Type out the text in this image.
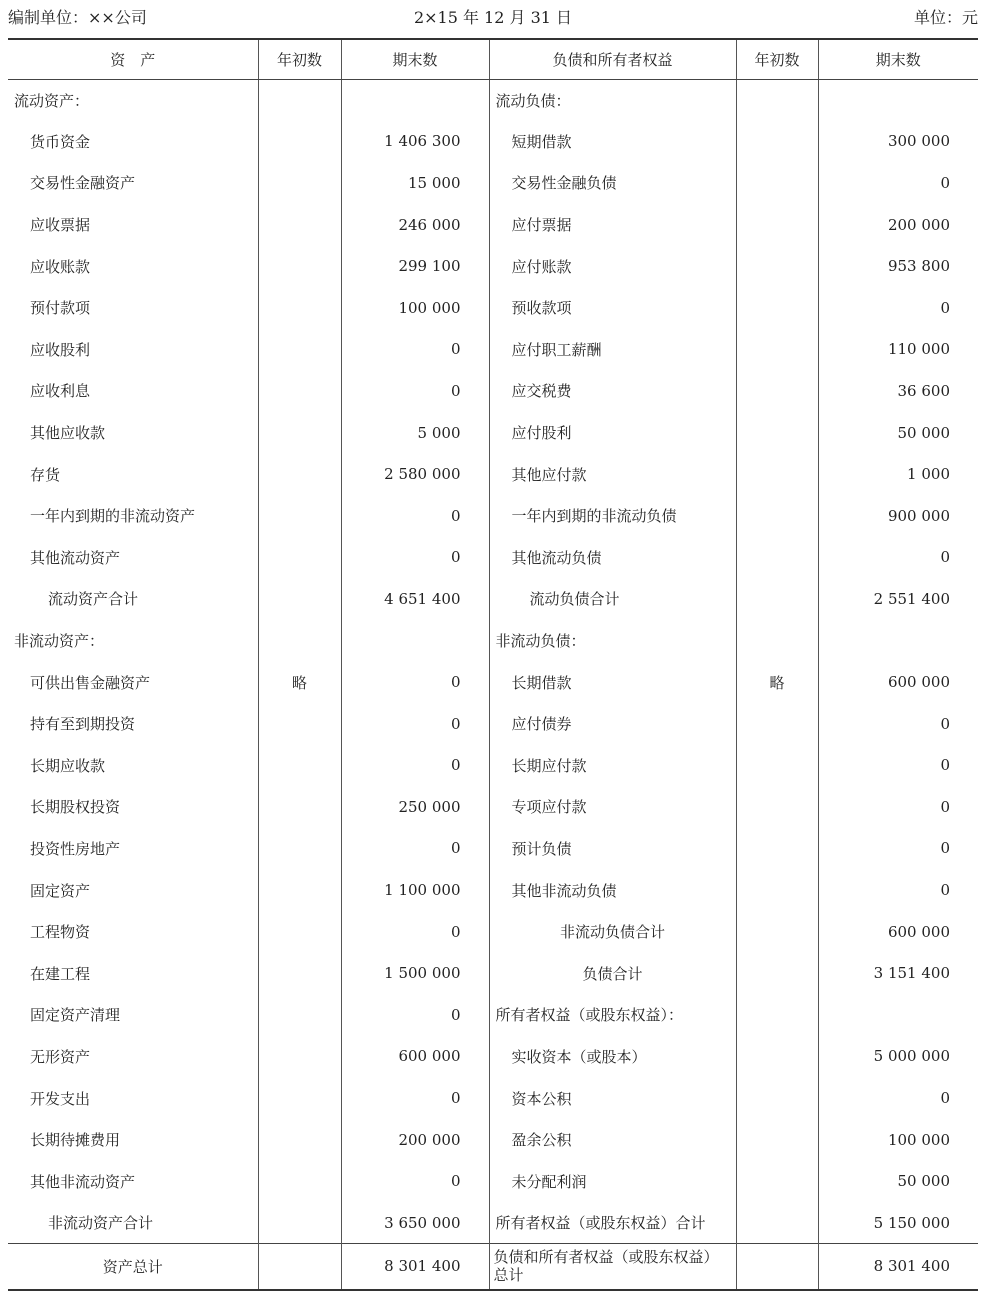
编制单位：××公司	2×15 年 12 月 31 日	单位：元
资　产	年初数	期末数	负债和所有者权益	年初数	期末数
流动资产：			流动负债：		
货币资金		1 406 300	短期借款		300 000
交易性金融资产		15 000	交易性金融负债		0
应收票据		246 000	应付票据		200 000
应收账款		299 100	应付账款		953 800
预付款项		100 000	预收款项		0
应收股利		0	应付职工薪酬		110 000
应收利息		0	应交税费		36 600
其他应收款		5 000	应付股利		50 000
存货		2 580 000	其他应付款		1 000
一年内到期的非流动资产		0	一年内到期的非流动负债		900 000
其他流动资产		0	其他流动负债		0
流动资产合计		4 651 400	流动负债合计		2 551 400
非流动资产：			非流动负债：		
可供出售金融资产	略	0	长期借款	略	600 000
持有至到期投资		0	应付债券		0
长期应收款		0	长期应付款		0
长期股权投资		250 000	专项应付款		0
投资性房地产		0	预计负债		0
固定资产		1 100 000	其他非流动负债		0
工程物资		0	非流动负债合计		600 000
在建工程		1 500 000	负债合计		3 151 400
固定资产清理		0	所有者权益（或股东权益）：		
无形资产		600 000	实收资本（或股本）		5 000 000
开发支出		0	资本公积		0
长期待摊费用		200 000	盈余公积		100 000
其他非流动资产		0	未分配利润		50 000
非流动资产合计		3 650 000	所有者权益（或股东权益）合计		5 150 000
资产总计		8 301 400	负债和所有者权益（或股东权益）总计		8 301 400
